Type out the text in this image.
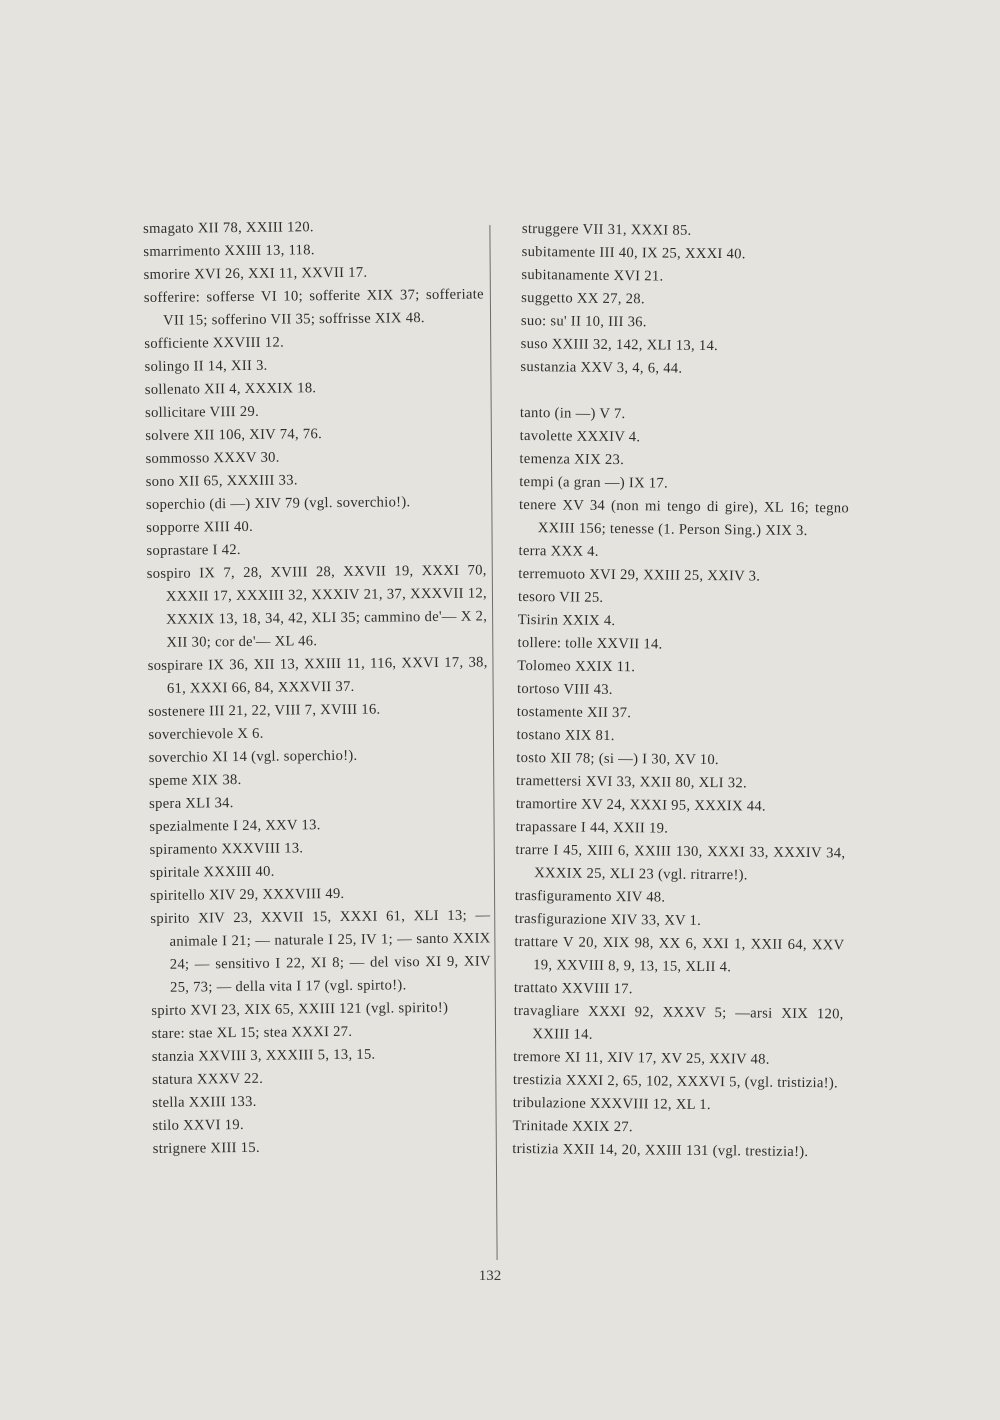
smagato XII 78, XXIII 120.

smarrimento XXIII 13, 118.

smorire XVI 26, XXI 11, XXVII 17.

sofferire: sofferse VI 10; sofferite XIX 37; sofferiate VII 15; sofferino VII 35; soffrisse XIX 48.

sofficiente XXVIII 12.

solingo II 14, XII 3.

sollenato XII 4, XXXIX 18.

sollicitare VIII 29.

solvere XII 106, XIV 74, 76.

sommosso XXXV 30.

sono XII 65, XXXIII 33.

soperchio (di —) XIV 79 (vgl. soverchio!).

sopporre XIII 40.

soprastare I 42.

sospiro IX 7, 28, XVIII 28, XXVII 19, XXXI 70, XXXII 17, XXXIII 32, XXXIV 21, 37, XXXVII 12, XXXIX 13, 18, 34, 42, XLI 35; cammino de'— X 2, XII 30; cor de'— XL 46.

sospirare IX 36, XII 13, XXIII 11, 116, XXVI 17, 38, 61, XXXI 66, 84, XXXVII 37.

sostenere III 21, 22, VIII 7, XVIII 16.

soverchievole X 6.

soverchio XI 14 (vgl. soperchio!).

speme XIX 38.

spera XLI 34.

spezialmente I 24, XXV 13.

spiramento XXXVIII 13.

spiritale XXXIII 40.

spiritello XIV 29, XXXVIII 49.

spirito XIV 23, XXVII 15, XXXI 61, XLI 13; — animale I 21; — naturale I 25, IV 1; — santo XXIX 24; — sensitivo I 22, XI 8; — del viso XI 9, XIV 25, 73; — della vita I 17 (vgl. spirto!).

spirto XVI 23, XIX 65, XXIII 121 (vgl. spirito!)

stare: stae XL 15; stea XXXI 27.

stanzia XXVIII 3, XXXIII 5, 13, 15.

statura XXXV 22.

stella XXIII 133.

stilo XXVI 19.

strignere XIII 15.

struggere VII 31, XXXI 85.

subitamente III 40, IX 25, XXXI 40.

subitanamente XVI 21.

suggetto XX 27, 28.

suo: su' II 10, III 36.

suso XXIII 32, 142, XLI 13, 14.

sustanzia XXV 3, 4, 6, 44.

tanto (in —) V 7.

tavolette XXXIV 4.

temenza XIX 23.

tempi (a gran —) IX 17.

tenere XV 34 (non mi tengo di gire), XL 16; tegno XXIII 156; tenesse (1. Person Sing.) XIX 3.

terra XXX 4.

terremuoto XVI 29, XXIII 25, XXIV 3.

tesoro VII 25.

Tisirin XXIX 4.

tollere: tolle XXVII 14.

Tolomeo XXIX 11.

tortoso VIII 43.

tostamente XII 37.

tostano XIX 81.

tosto XII 78; (si —) I 30, XV 10.

tramettersi XVI 33, XXII 80, XLI 32.

tramortire XV 24, XXXI 95, XXXIX 44.

trapassare I 44, XXII 19.

trarre I 45, XIII 6, XXIII 130, XXXI 33, XXXIV 34, XXXIX 25, XLI 23 (vgl. ritrarre!).

trasfiguramento XIV 48.

trasfigurazione XIV 33, XV 1.

trattare V 20, XIX 98, XX 6, XXI 1, XXII 64, XXV 19, XXVIII 8, 9, 13, 15, XLII 4.

trattato XXVIII 17.

travagliare XXXI 92, XXXV 5; —arsi XIX 120, XXIII 14.

tremore XI 11, XIV 17, XV 25, XXIV 48.

trestizia XXXI 2, 65, 102, XXXVI 5, (vgl. tristizia!).

tribulazione XXXVIII 12, XL 1.

Trinitade XXIX 27.

tristizia XXII 14, 20, XXIII 131 (vgl. trestizia!).

132
